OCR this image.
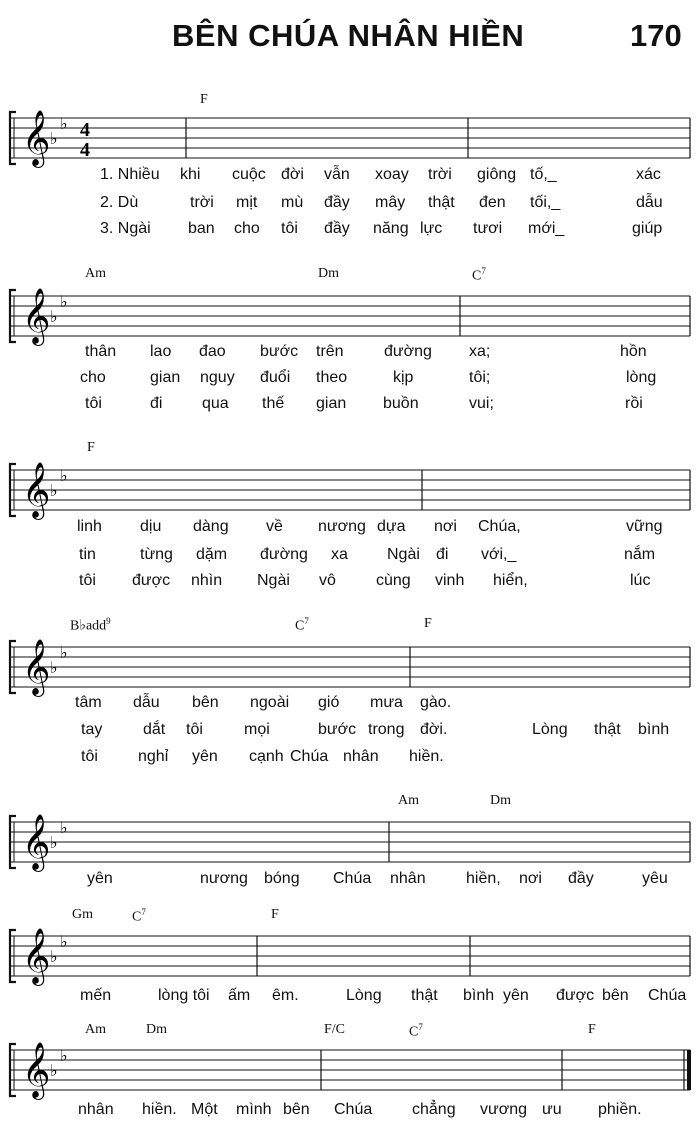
BÊN CHÚA NHÂN HIỀN	170
𝄞 ♭
♭ 4
4
F
1. Nhiều khi cuộc đời vẫn xoay trời giông tố,_	xác
2. Dù	trời mịt mù đầy mây thật đen tối,_	dẫu
3. Ngài ban cho tôi đầy năng lực tươi mới_	giúp
𝄞 ♭
♭
Am	Dm	$C^7$
thân lao đao bước trên	đường xa;	hồn
cho	gian nguy đuổi theo	kịp	tôi;	lòng
tôi	đi qua thế gian buồn	vui;	rồi
𝄞 ♭
♭
F
linh dịu dàng về nương dựa nơi Chúa,	vững
tin	từng dặm đường xa Ngài đi với,_	nắm
tôi được nhìn Ngài vô	cùng vinh hiển,	lúc
𝄞 ♭
♭
B♭add$^9$	$C^7$	F
tâm dẫu bên ngoài gió mưa gào.
tay	dắt tôi	mọi	bước trong đời.	Lòng thật bình
tôi	nghỉ yên cạnh Chúa nhân hiền.
𝄞 ♭
♭
Am	Dm
yên	nương bóng Chúa nhân	hiền, nơi đầy	yêu
𝄞 ♭
♭
Gm	$C^7$	F
mến	lòng tôi ấm êm.	Lòng thật bình yên được bên Chúa
𝄞 ♭
♭
Am	Dm	F/C	$C^7$	F
nhân hiền. Một mình bên Chúa chẳng vương ưu phiền.
